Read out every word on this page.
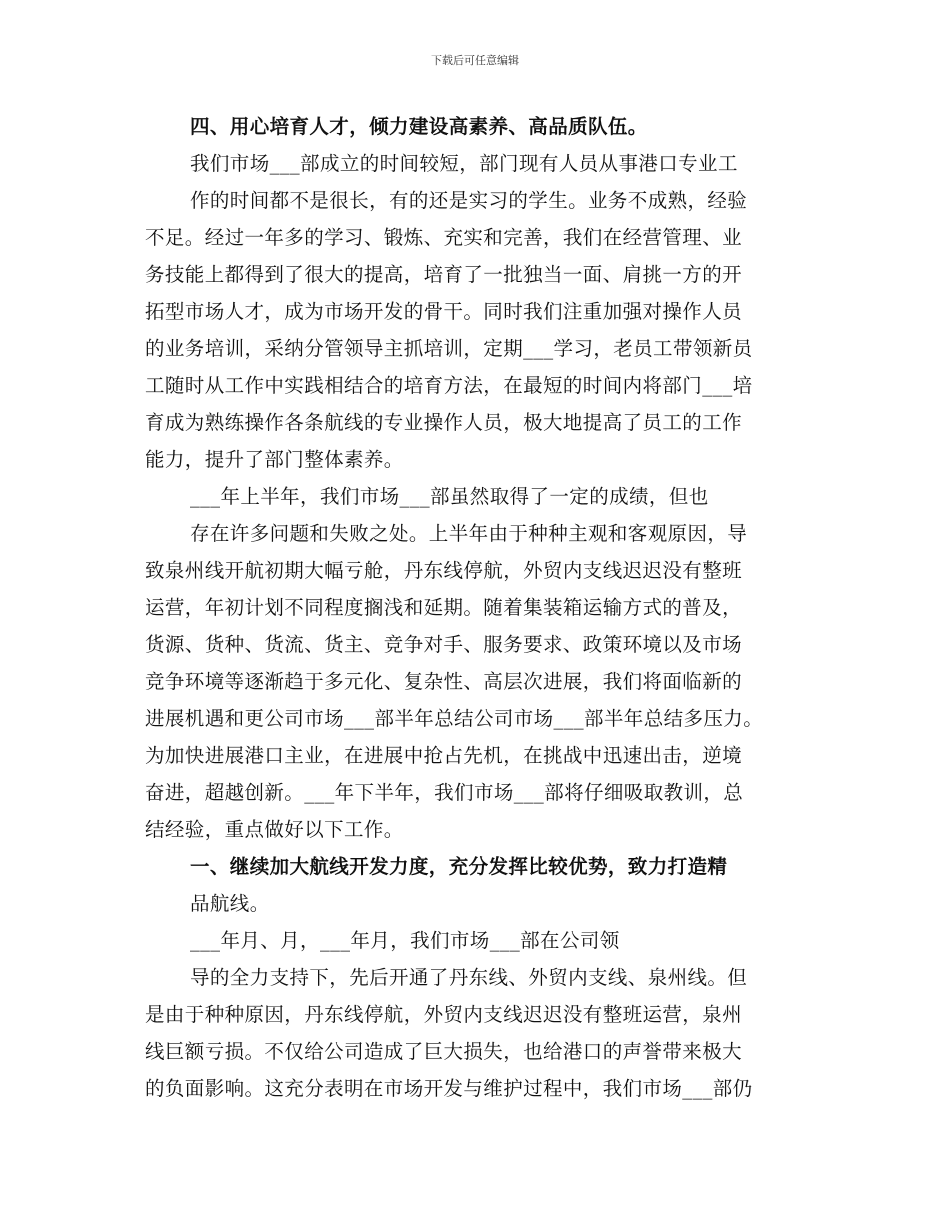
下载后可任意编辑
四、用心培育人才，倾力建设高素养、高品质队伍。
我们市场___部成立的时间较短，部门现有人员从事港口专业工
作的时间都不是很长，有的还是实习的学生。业务不成熟，经验
不足。经过一年多的学习、锻炼、充实和完善，我们在经营管理、业
务技能上都得到了很大的提高，培育了一批独当一面、肩挑一方的开
拓型市场人才，成为市场开发的骨干。同时我们注重加强对操作人员
的业务培训，采纳分管领导主抓培训，定期___学习，老员工带领新员
工随时从工作中实践相结合的培育方法，在最短的时间内将部门___培
育成为熟练操作各条航线的专业操作人员，极大地提高了员工的工作
能力，提升了部门整体素养。
___年上半年，我们市场___部虽然取得了一定的成绩，但也
存在许多问题和失败之处。上半年由于种种主观和客观原因，导
致泉州线开航初期大幅亏舱，丹东线停航，外贸内支线迟迟没有整班
运营，年初计划不同程度搁浅和延期。随着集装箱运输方式的普及，
货源、货种、货流、货主、竞争对手、服务要求、政策环境以及市场
竞争环境等逐渐趋于多元化、复杂性、高层次进展，我们将面临新的
进展机遇和更公司市场___部半年总结公司市场___部半年总结多压力。
为加快进展港口主业，在进展中抢占先机，在挑战中迅速出击，逆境
奋进，超越创新。___年下半年，我们市场___部将仔细吸取教训，总
结经验，重点做好以下工作。
一、继续加大航线开发力度，充分发挥比较优势，致力打造精
品航线。
___年月、月，___年月，我们市场___部在公司领
导的全力支持下，先后开通了丹东线、外贸内支线、泉州线。但
是由于种种原因，丹东线停航，外贸内支线迟迟没有整班运营，泉州
线巨额亏损。不仅给公司造成了巨大损失，也给港口的声誉带来极大
的负面影响。这充分表明在市场开发与维护过程中，我们市场___部仍
